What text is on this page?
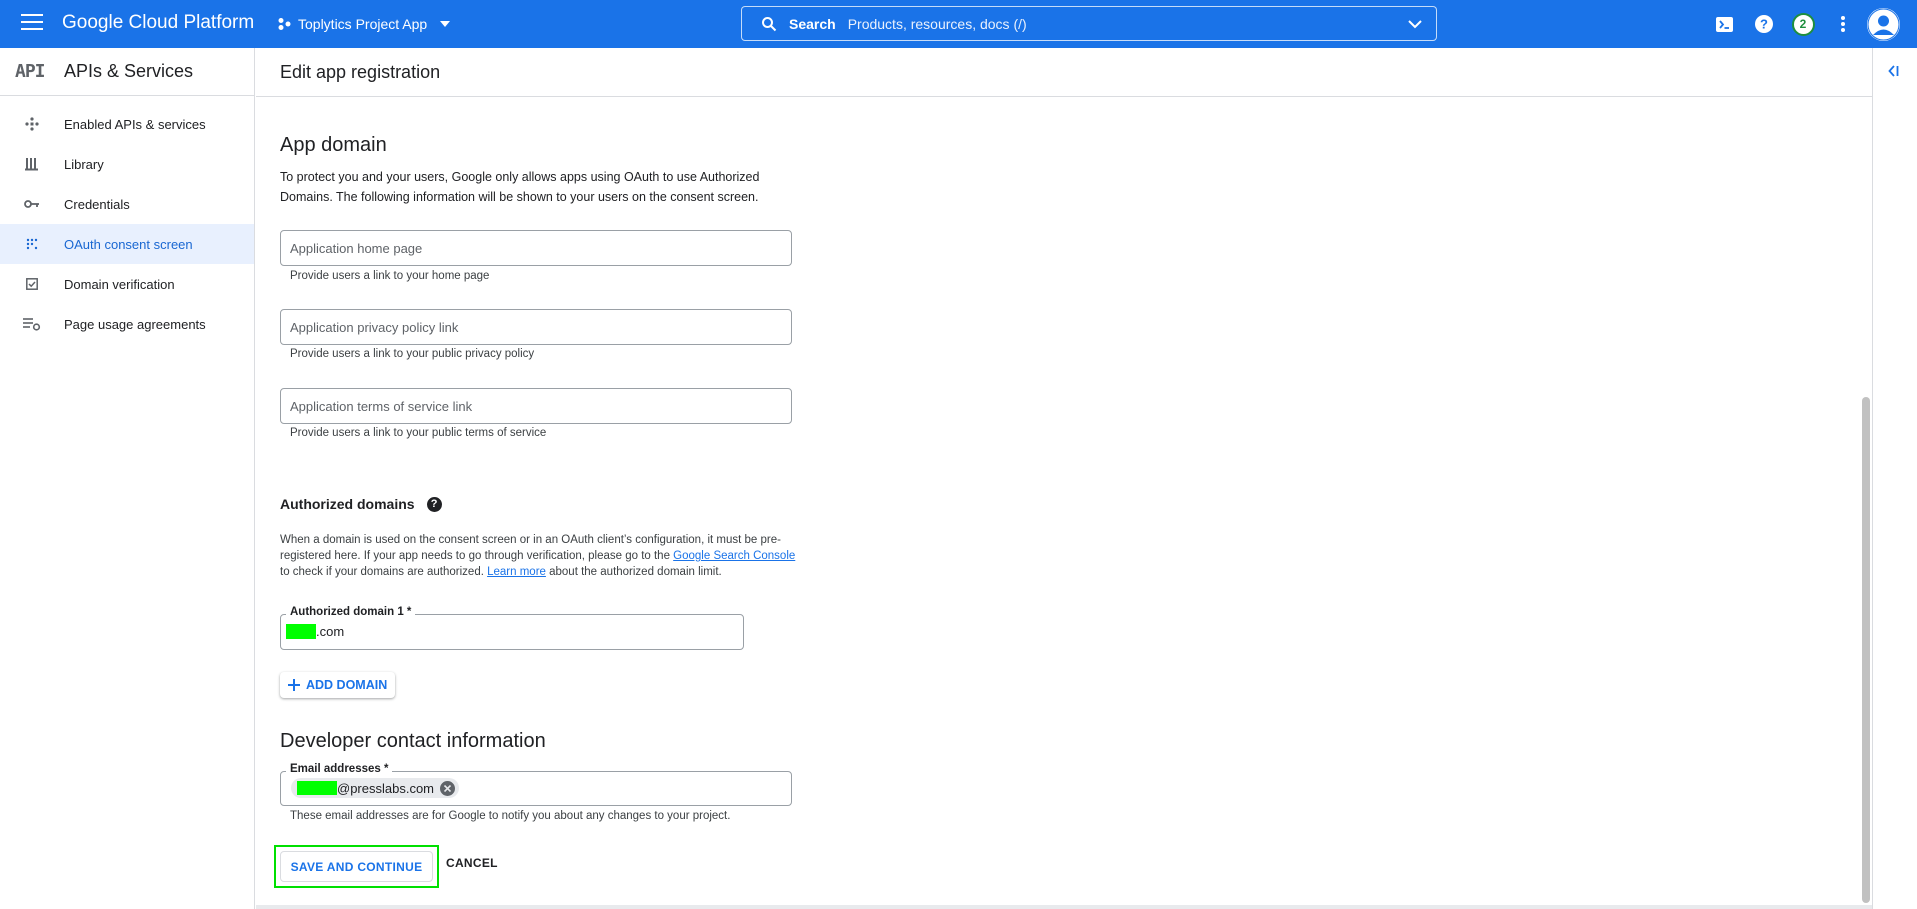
Google Cloud Platform	Toplytics Project App	Search
Products, resources, docs (/)	?	2
API APIs & Services
Enabled APIs & services
Library
Credentials
OAuth consent screen
Domain verification
Page usage agreements
Edit app registration
App domain
To protect you and your users, Google only allows apps using OAuth to use Authorized Domains. The following information will be shown to your users on the consent screen.
Application home page
Provide users a link to your home page
Application privacy policy link
Provide users a link to your public privacy policy
Application terms of service link
Provide users a link to your public terms of service
Authorized domains	?
When a domain is used on the consent screen or in an OAuth client’s configuration, it must be pre-registered here. If your app needs to go through verification, please go to the Google Search Console to check if your domains are authorized. Learn more about the authorized domain limit.
Authorized domain 1 *
.com
ADD DOMAIN
Developer contact information
Email addresses *
@presslabs.com
These email addresses are for Google to notify you about any changes to your project.
SAVE AND CONTINUE	CANCEL
